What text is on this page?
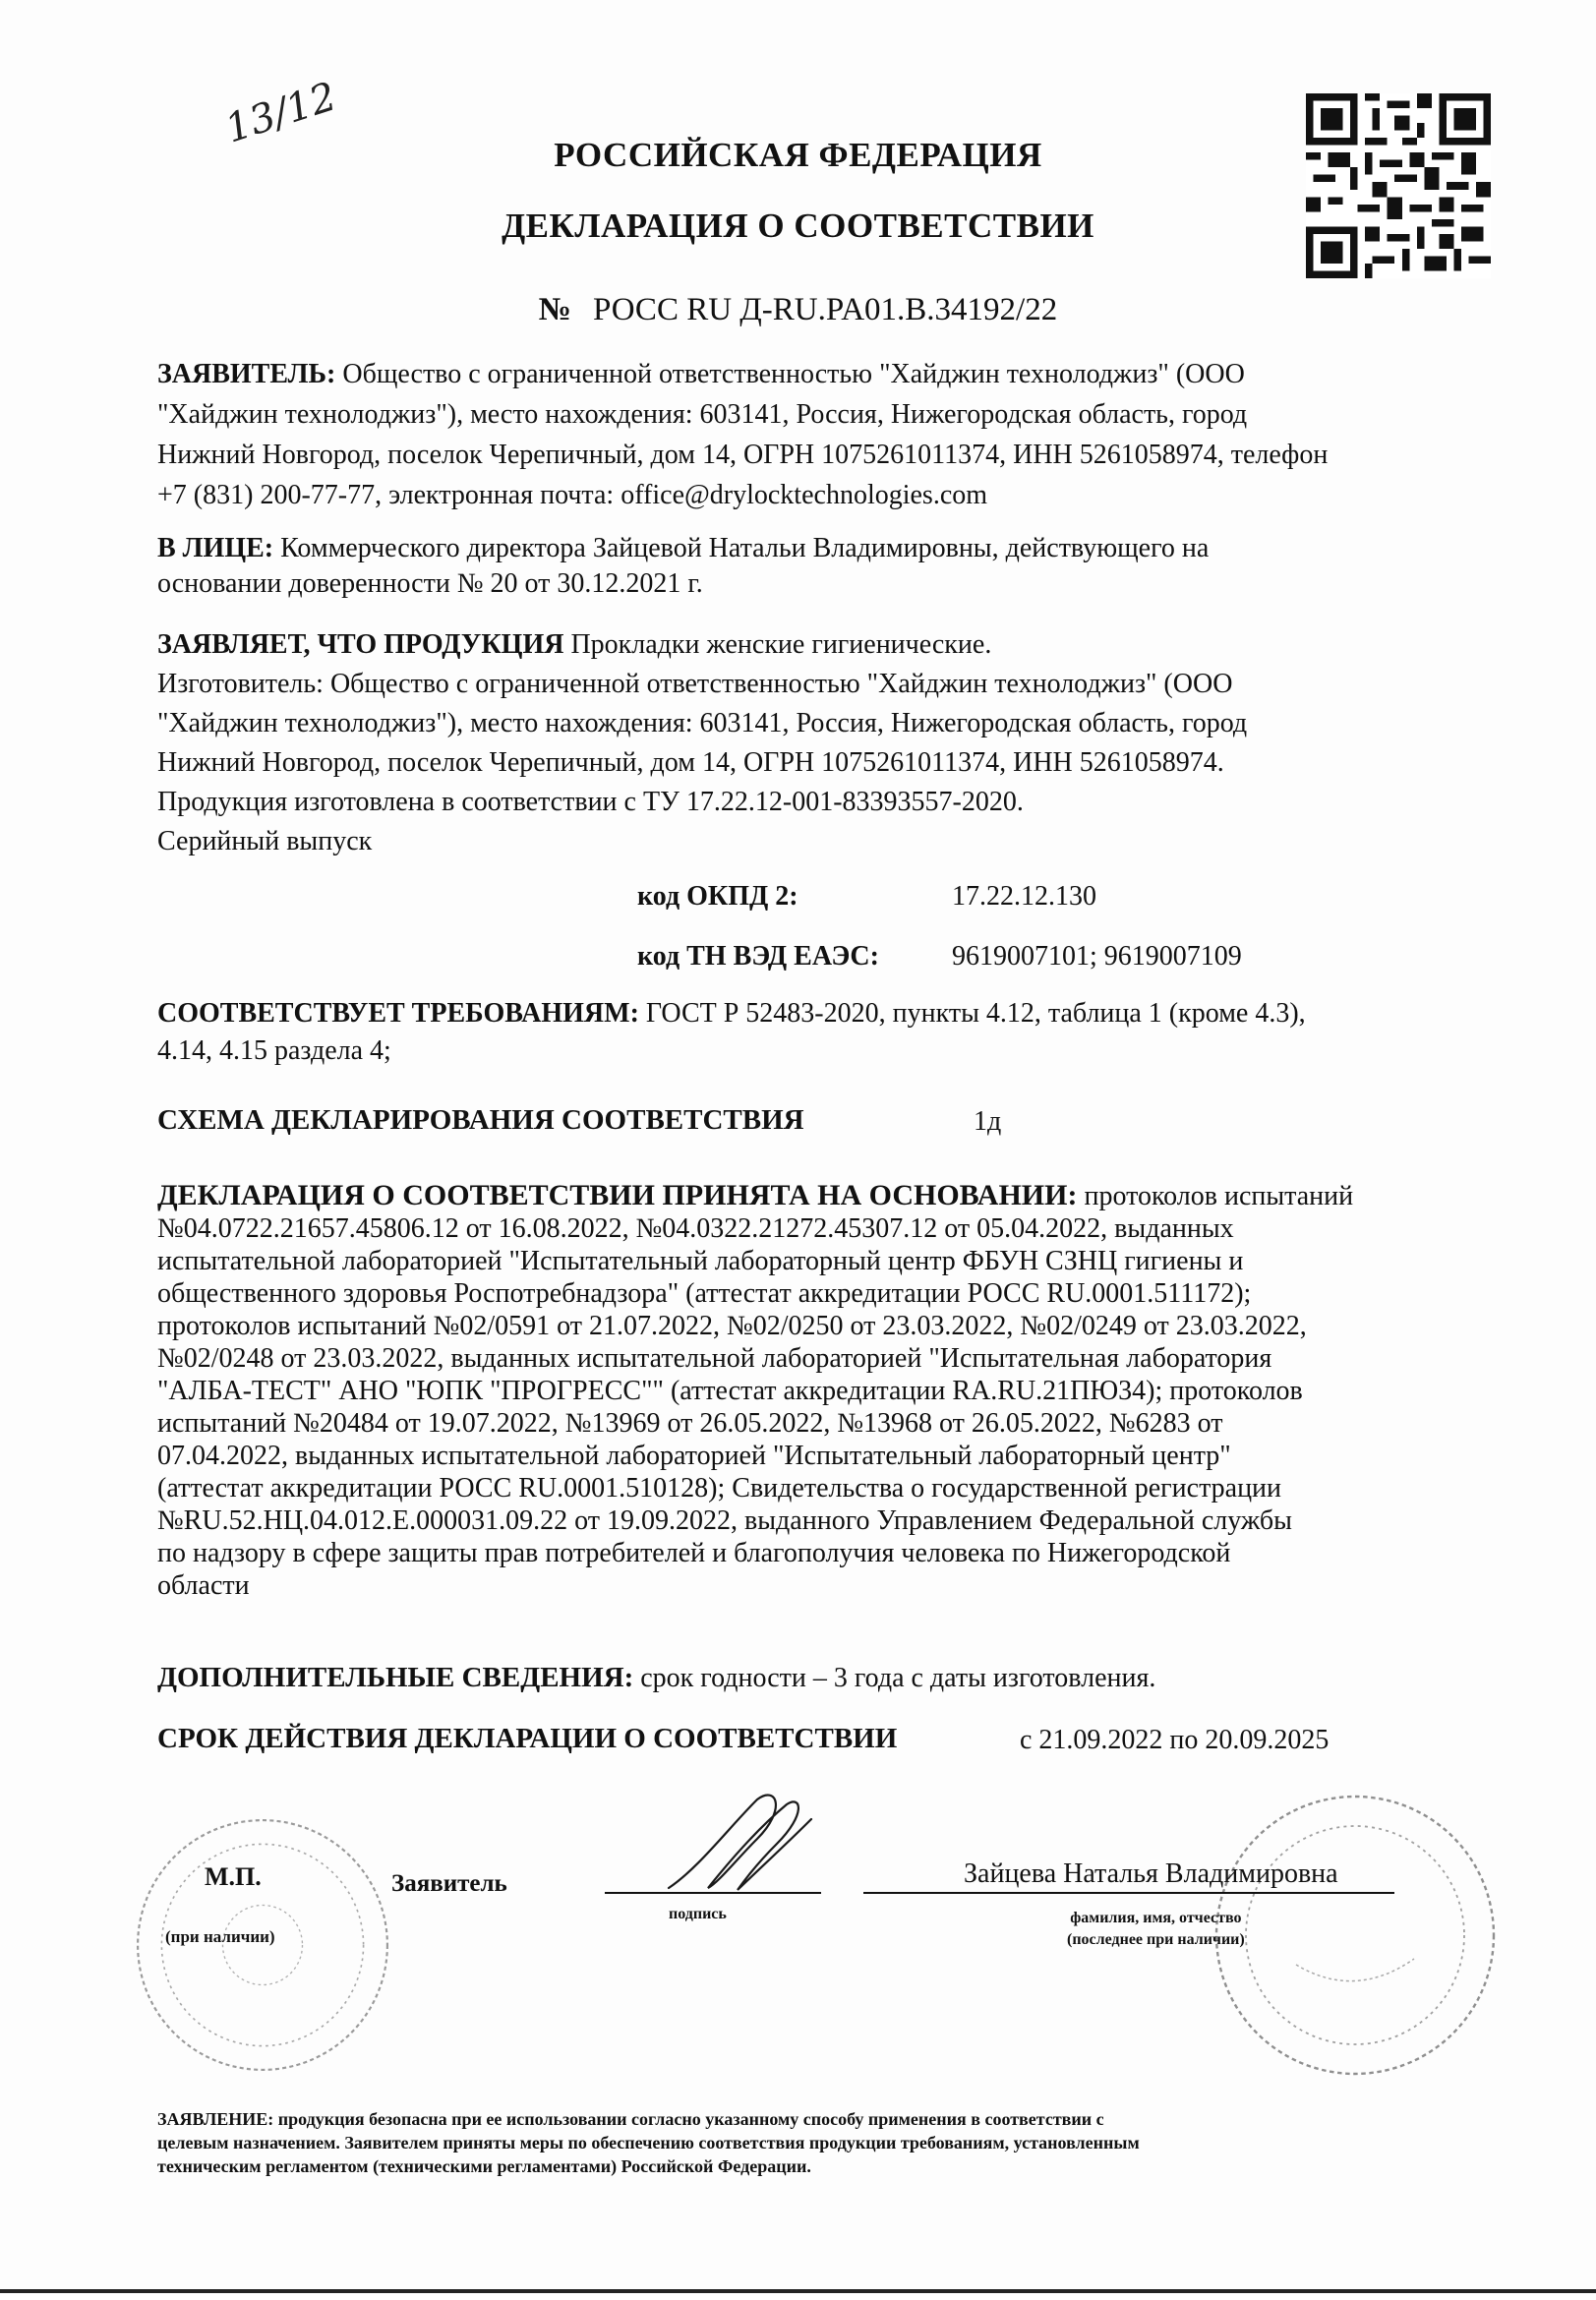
13/12
РОССИЙСКАЯ ФЕДЕРАЦИЯ
ДЕКЛАРАЦИЯ О СООТВЕТСТВИИ
№ РОСС RU Д-RU.PA01.B.34192/22

ЗАЯВИТЕЛЬ: Общество с ограниченной ответственностью "Хайджин технолоджиз" (ООО

"Хайджин технолоджиз"), место нахождения: 603141, Россия, Нижегородская область, город

Нижний Новгород, поселок Черепичный, дом 14, ОГРН 1075261011374, ИНН 5261058974, телефон

+7 (831) 200-77-77, электронная почта: office@drylocktechnologies.com

В ЛИЦЕ: Коммерческого директора Зайцевой Натальи Владимировны, действующего на

основании доверенности № 20 от 30.12.2021 г.

ЗАЯВЛЯЕТ, ЧТО ПРОДУКЦИЯ Прокладки женские гигиенические.

Изготовитель: Общество с ограниченной ответственностью "Хайджин технолоджиз" (ООО

"Хайджин технолоджиз"), место нахождения: 603141, Россия, Нижегородская область, город

Нижний Новгород, поселок Черепичный, дом 14, ОГРН 1075261011374, ИНН 5261058974.

Продукция изготовлена в соответствии с ТУ 17.22.12-001-83393557-2020.

Серийный выпуск

код ОКПД 2:	17.22.12.130
код ТН ВЭД ЕАЭС:	9619007101; 9619007109

СООТВЕТСТВУЕТ ТРЕБОВАНИЯМ: ГОСТ Р 52483-2020, пункты 4.12, таблица 1 (кроме 4.3),

4.14, 4.15 раздела 4;

СХЕМА ДЕКЛАРИРОВАНИЯ СООТВЕТСТВИЯ	1д

ДЕКЛАРАЦИЯ О СООТВЕТСТВИИ ПРИНЯТА НА ОСНОВАНИИ: протоколов испытаний

№04.0722.21657.45806.12 от 16.08.2022, №04.0322.21272.45307.12 от 05.04.2022, выданных

испытательной лабораторией "Испытательный лабораторный центр ФБУН СЗНЦ гигиены и

общественного здоровья Роспотребнадзора" (аттестат аккредитации РОСС RU.0001.511172);

протоколов испытаний №02/0591 от 21.07.2022, №02/0250 от 23.03.2022, №02/0249 от 23.03.2022,

№02/0248 от 23.03.2022, выданных испытательной лабораторией "Испытательная лаборатория

"АЛБА-ТЕСТ" АНО "ЮПК "ПРОГРЕСС"" (аттестат аккредитации RA.RU.21ПЮ34); протоколов

испытаний №20484 от 19.07.2022, №13969 от 26.05.2022, №13968 от 26.05.2022, №6283 от

07.04.2022, выданных испытательной лабораторией "Испытательный лабораторный центр"

(аттестат аккредитации РОСС RU.0001.510128); Свидетельства о государственной регистрации

№RU.52.НЦ.04.012.Е.000031.09.22 от 19.09.2022, выданного Управлением Федеральной службы

по надзору в сфере защиты прав потребителей и благополучия человека по Нижегородской

области

ДОПОЛНИТЕЛЬНЫЕ СВЕДЕНИЯ: срок годности – 3 года с даты изготовления.

СРОК ДЕЙСТВИЯ ДЕКЛАРАЦИИ О СООТВЕТСТВИИ	с 21.09.2022 по 20.09.2025
М.П.
(при наличии)
Заявитель
подпись
Зайцева Наталья Владимировна
фамилия, имя, отчество
(последнее при наличии)
ЗАЯВЛЕНИЕ: продукция безопасна при ее использовании согласно указанному способу применения в соответствии с
целевым назначением. Заявителем приняты меры по обеспечению соответствия продукции требованиям, установленным
техническим регламентом (техническими регламентами) Российской Федерации.
